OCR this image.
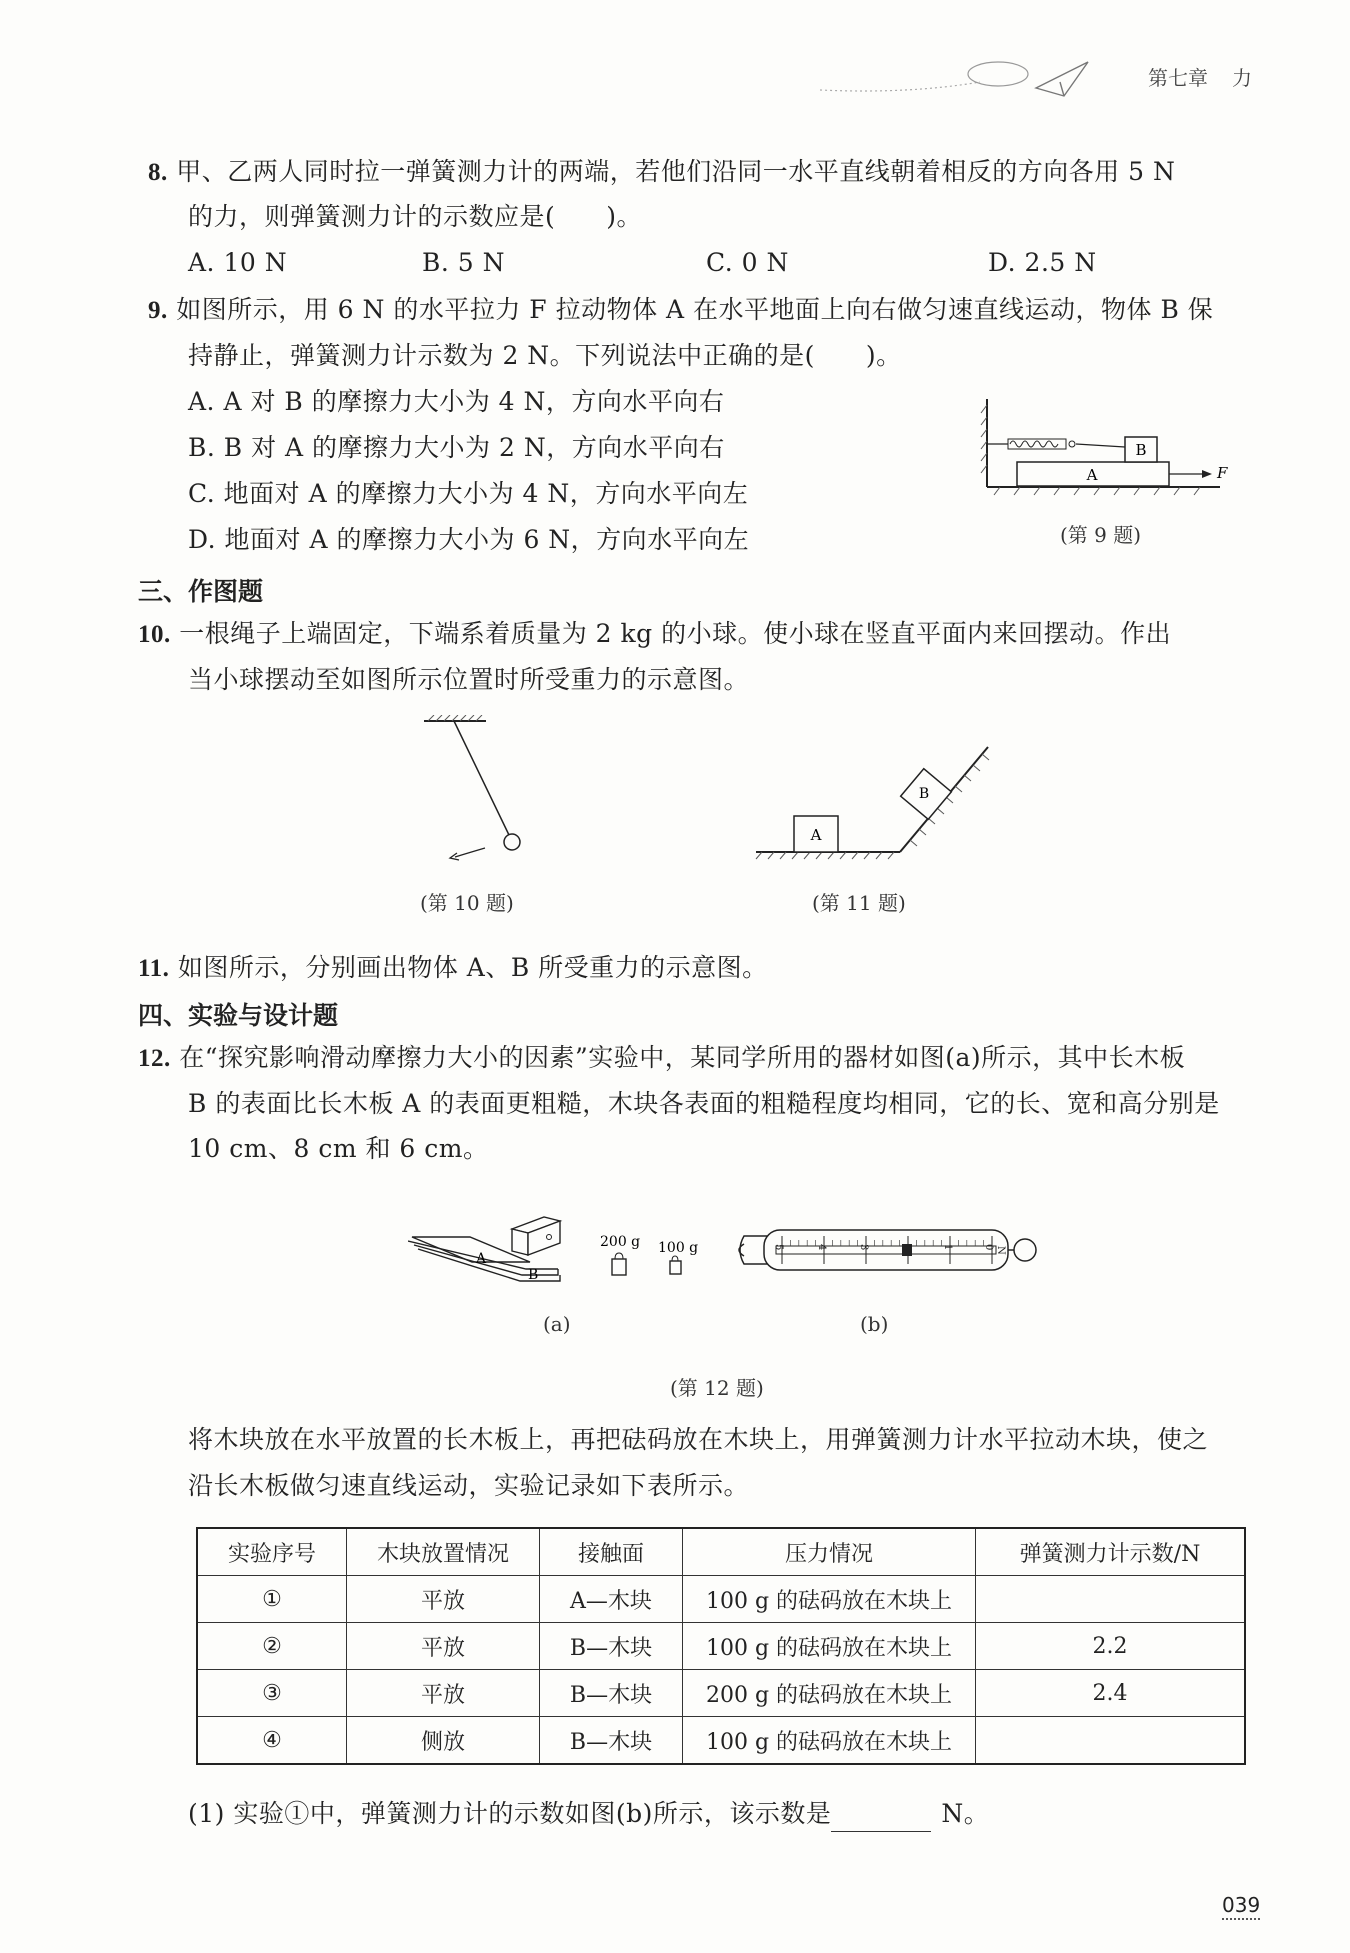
第七章 力
8. 甲、乙两人同时拉一弹簧测力计的两端，若他们沿同一水平直线朝着相反的方向各用 5 N
的力，则弹簧测力计的示数应是(　　)。
A. 10 N	B. 5 N	C. 0 N	D. 2.5 N
9. 如图所示，用 6 N 的水平拉力 F 拉动物体 A 在水平地面上向右做匀速直线运动，物体 B 保
持静止，弹簧测力计示数为 2 N。下列说法中正确的是(　　)。
A. A 对 B 的摩擦力大小为 4 N，方向水平向右
B. B 对 A 的摩擦力大小为 2 N，方向水平向右
C. 地面对 A 的摩擦力大小为 4 N，方向水平向左
D. 地面对 A 的摩擦力大小为 6 N，方向水平向左
A
B
F
(第 9 题)
三、作图题
10. 一根绳子上端固定，下端系着质量为 2 kg 的小球。使小球在竖直平面内来回摆动。作出
当小球摆动至如图所示位置时所受重力的示意图。
(第 10 题)
A
B
(第 11 题)
11. 如图所示，分别画出物体 A、B 所受重力的示意图。
四、实验与设计题
12. 在“探究影响滑动摩擦力大小的因素”实验中，某同学所用的器材如图(a)所示，其中长木板
B 的表面比长木板 A 的表面更粗糙，木块各表面的粗糙程度均相同，它的长、宽和高分别是
10 cm、8 cm 和 6 cm。
A
B
200 g 100 g
(a)
5	4	3	2	1	0 N
(b)
(第 12 题)
将木块放在水平放置的长木板上，再把砝码放在木块上，用弹簧测力计水平拉动木块，使之
沿长木板做匀速直线运动，实验记录如下表所示。
实验序号	木块放置情况	接触面	压力情况	弹簧测力计示数/N
①	平放	A—木块	100 g 的砝码放在木块上	
②	平放	B—木块	100 g 的砝码放在木块上	2.2
③	平放	B—木块	200 g 的砝码放在木块上	2.4
④	侧放	B—木块	100 g 的砝码放在木块上	
(1) 实验①中，弹簧测力计的示数如图(b)所示，该示数是	N。
039
